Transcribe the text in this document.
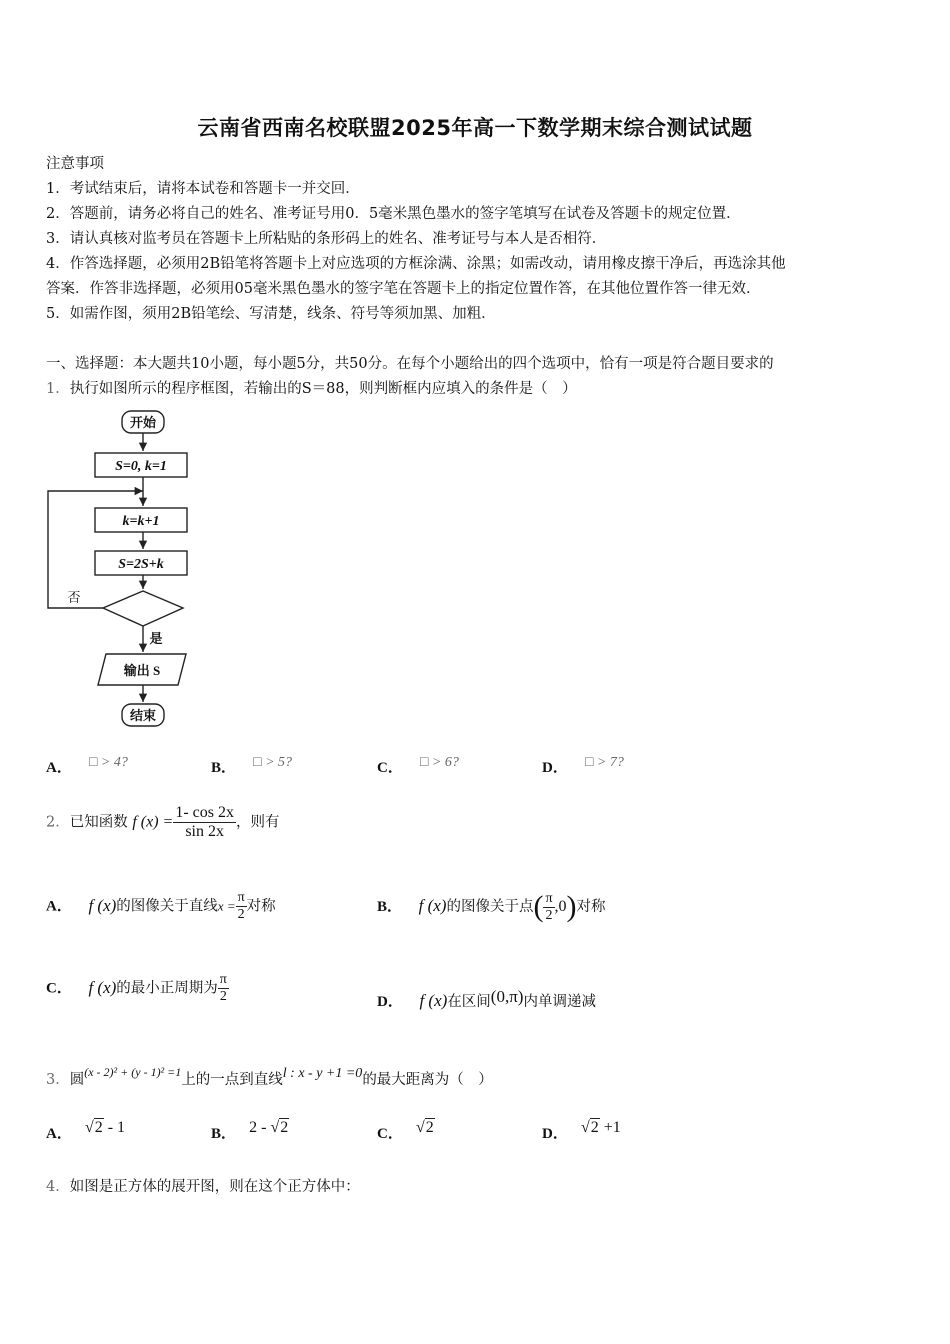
云南省西南名校联盟2025年高一下数学期末综合测试试题
注意事项
1．考试结束后，请将本试卷和答题卡一并交回．
2．答题前，请务必将自己的姓名、准考证号用0．5毫米黑色墨水的签字笔填写在试卷及答题卡的规定位置．
3．请认真核对监考员在答题卡上所粘贴的条形码上的姓名、准考证号与本人是否相符．
4．作答选择题，必须用2B铅笔将答题卡上对应选项的方框涂满、涂黑；如需改动，请用橡皮擦干净后，再选涂其他
答案．作答非选择题，必须用05毫米黑色墨水的签字笔在答题卡上的指定位置作答，在其他位置作答一律无效．
5．如需作图，须用2B铅笔绘、写清楚，线条、符号等须加黑、加粗．
一、选择题：本大题共10小题，每小题5分，共50分。在每个小题给出的四个选项中，恰有一项是符合题目要求的
1．执行如图所示的程序框图，若输出的S＝88，则判断框内应填入的条件是（　）
开始
S=0, k=1
k=k+1
S=2S+k
否
是
输出 S
结束
A． □ > 4?	B． □ > 5?	C． □ > 6?	D． □ > 7?
2．已知函数 f $(x) = \frac{1- \cos 2x}{\sin 2x}$ ，则有
A． f (x)的图像关于直线$x = \frac{\pi}{2}$ 对称	B． f (x)的图像关于点( $\frac{\pi}{2} ,0$)对称
C． f (x)的最小正周期为 $\frac{\pi}{2}$	D． f (x)在区间(0,π)内单调递减
3．圆$^{(x - 2)^2 + (y - 1)^2 =1}$上的一点到直线l : x - y +1 =0的最大距离为（　）
A． √2 - 1	B． 2 - √2	C． √2	D． √2 +1
4．如图是正方体的展开图，则在这个正方体中：
